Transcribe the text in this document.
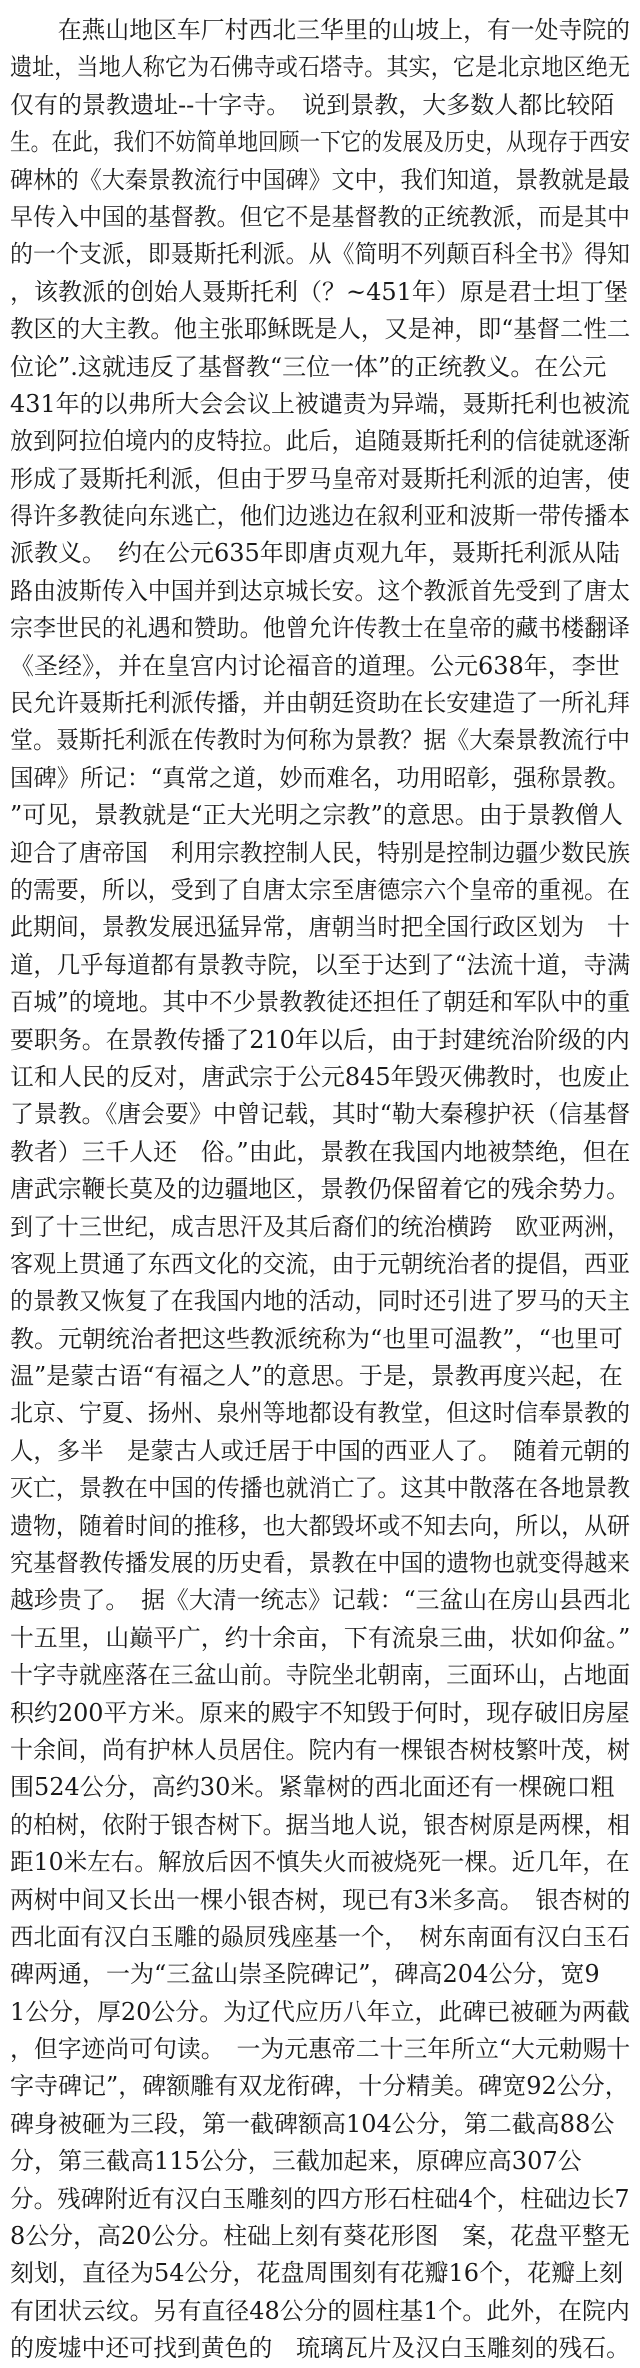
　　在燕山地区车厂村西北三华里的山坡上，有一处寺院的
遗址，当地人称它为石佛寺或石塔寺。其实，它是北京地区绝无
仅有的景教遗址--十字寺。　说到景教，大多数人都比较陌
生。在此，我们不妨简单地回顾一下它的发展及历史，从现存于西安
碑林的《大秦景教流行中国碑》文中，我们知道，景教就是最
早传入中国的基督教。但它不是基督教的正统教派，而是其中
的一个支派，即聂斯托利派。从《简明不列颠百科全书》得知
，该教派的创始人聂斯托利（？~451年）原是君士坦丁堡
教区的大主教。他主张耶稣既是人，又是神，即“基督二性二
位论”.这就违反了基督教“三位一体”的正统教义。在公元
431年的以弗所大会会议上被谴责为异端，聂斯托利也被流
放到阿拉伯境内的皮特拉。此后，追随聂斯托利的信徒就逐渐
形成了聂斯托利派，但由于罗马皇帝对聂斯托利派的迫害，使
得许多教徒向东逃亡，他们边逃边在叙利亚和波斯一带传播本
派教义。　约在公元635年即唐贞观九年，聂斯托利派从陆
路由波斯传入中国并到达京城长安。这个教派首先受到了唐太
宗李世民的礼遇和赞助。他曾允许传教士在皇帝的藏书楼翻译
《圣经》，并在皇宫内讨论福音的道理。公元638年，李世
民允许聂斯托利派传播，并由朝廷资助在长安建造了一所礼拜
堂。聂斯托利派在传教时为何称为景教？据《大秦景教流行中
国碑》所记：“真常之道，妙而难名，功用昭彰，强称景教。
”可见，景教就是“正大光明之宗教”的意思。由于景教僧人
迎合了唐帝国　利用宗教控制人民，特别是控制边疆少数民族
的需要，所以，受到了自唐太宗至唐德宗六个皇帝的重视。在
此期间，景教发展迅猛异常，唐朝当时把全国行政区划为　十
道，几乎每道都有景教寺院，以至于达到了“法流十道，寺满
百城”的境地。其中不少景教教徒还担任了朝廷和军队中的重
要职务。在景教传播了210年以后，由于封建统治阶级的内
讧和人民的反对，唐武宗于公元845年毁灭佛教时，也废止
了景教。《唐会要》中曾记载，其时“勒大秦穆护祆（信基督
教者）三千人还　俗。”由此，景教在我国内地被禁绝，但在
唐武宗鞭长莫及的边疆地区，景教仍保留着它的残余势力。
到了十三世纪，成吉思汗及其后裔们的统治横跨　欧亚两洲，
客观上贯通了东西文化的交流，由于元朝统治者的提倡，西亚
的景教又恢复了在我国内地的活动，同时还引进了罗马的天主
教。元朝统治者把这些教派统称为“也里可温教”，“也里可
温”是蒙古语“有福之人”的意思。于是，景教再度兴起，在
北京、宁夏、扬州、泉州等地都设有教堂，但这时信奉景教的
人，多半　是蒙古人或迁居于中国的西亚人了。　随着元朝的
灭亡，景教在中国的传播也就消亡了。这其中散落在各地景教
遗物，随着时间的推移，也大都毁坏或不知去向，所以，从研
究基督教传播发展的历史看，景教在中国的遗物也就变得越来
越珍贵了。　据《大清一统志》记载：“三盆山在房山县西北
十五里，山巅平广，约十余亩，下有流泉三曲，状如仰盆。”
十字寺就座落在三盆山前。寺院坐北朝南，三面环山，占地面
积约200平方米。原来的殿宇不知毁于何时，现存破旧房屋
十余间，尚有护林人员居住。院内有一棵银杏树枝繁叶茂，树
围524公分，高约30米。紧靠树的西北面还有一棵碗口粗
的柏树，依附于银杏树下。据当地人说，银杏树原是两棵，相
距10米左右。解放后因不慎失火而被烧死一棵。近几年，在
两树中间又长出一棵小银杏树，现已有3米多高。　银杏树的
西北面有汉白玉雕的赑屃残座基一个，　树东南面有汉白玉石
碑两通，一为“三盆山崇圣院碑记”，碑高204公分，宽9
1公分，厚20公分。为辽代应历八年立，此碑已被砸为两截
，但字迹尚可句读。　一为元惠帝二十三年所立“大元勅赐十
字寺碑记”，碑额雕有双龙衔碑，十分精美。碑宽92公分，
碑身被砸为三段，第一截碑额高104公分，第二截高88公
分，第三截高115公分，三截加起来，原碑应高307公
分。残碑附近有汉白玉雕刻的四方形石柱础4个，柱础边长7
8公分，高20公分。柱础上刻有葵花形图　案，花盘平整无
刻划，直径为54公分，花盘周围刻有花瓣16个，花瓣上刻
有团状云纹。另有直径48公分的圆柱基1个。此外，在院内
的废墟中还可找到黄色的　琉璃瓦片及汉白玉雕刻的残石。
